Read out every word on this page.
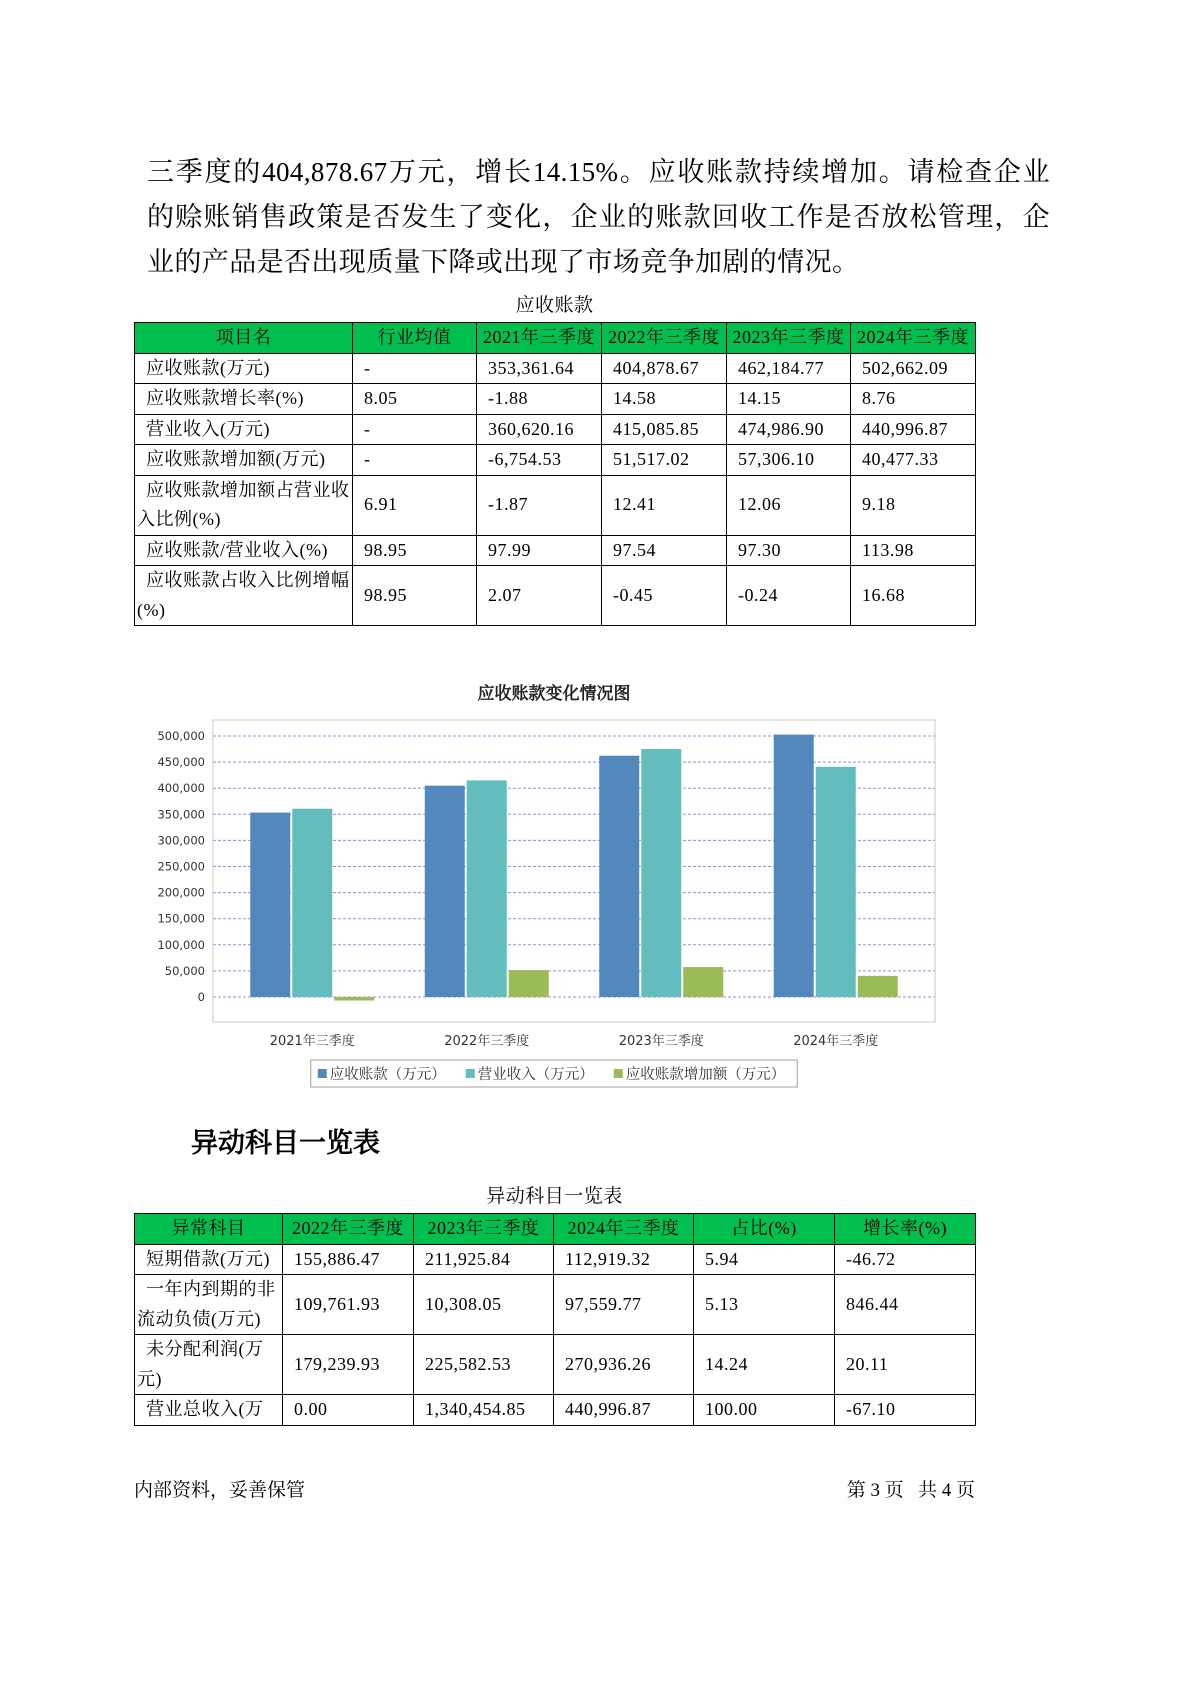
三季度的404,878.67万元，增长14.15%。应收账款持续增加。请检查企业
的赊账销售政策是否发生了变化，企业的账款回收工作是否放松管理，企
业的产品是否出现质量下降或出现了市场竞争加剧的情况。
应收账款
项目名	行业均值	2021年三季度	2022年三季度	2023年三季度	2024年三季度

应收账款(万元)	-	353,361.64	404,878.67	462,184.77	502,662.09

应收账款增长率(%)	8.05	-1.88	14.58	14.15	8.76

营业收入(万元)	-	360,620.16	415,085.85	474,986.90	440,996.87

应收账款增加额(万元)	-	-6,754.53	51,517.02	57,306.10	40,477.33

应收账款增加额占营业收入比例(%)	6.91	-1.87	12.41	12.06	9.18

应收账款/营业收入(%)	98.95	97.99	97.54	97.30	113.98

应收账款占收入比例增幅(%)	98.95	2.07	-0.45	-0.24	16.68
应收账款变化情况图
0
50,000
100,000
150,000
200,000
250,000
300,000
350,000
400,000
450,000
500,000
2021年三季度	2022年三季度	2023年三季度	2024年三季度
应收账款（万元） 营业收入（万元） 应收账款增加额（万元）
异动科目一览表
异动科目一览表
异常科目	2022年三季度	2023年三季度	2024年三季度	占比(%)	增长率(%)

短期借款(万元)	155,886.47	211,925.84	112,919.32	5.94	-46.72

一年内到期的非流动负债(万元)	109,761.93	10,308.05	97,559.77	5.13	846.44

未分配利润(万元)	179,239.93	225,582.53	270,936.26	14.24	20.11

营业总收入(万	0.00	1,340,454.85	440,996.87	100.00	-67.10
内部资料，妥善保管	第 3 页   共 4 页
